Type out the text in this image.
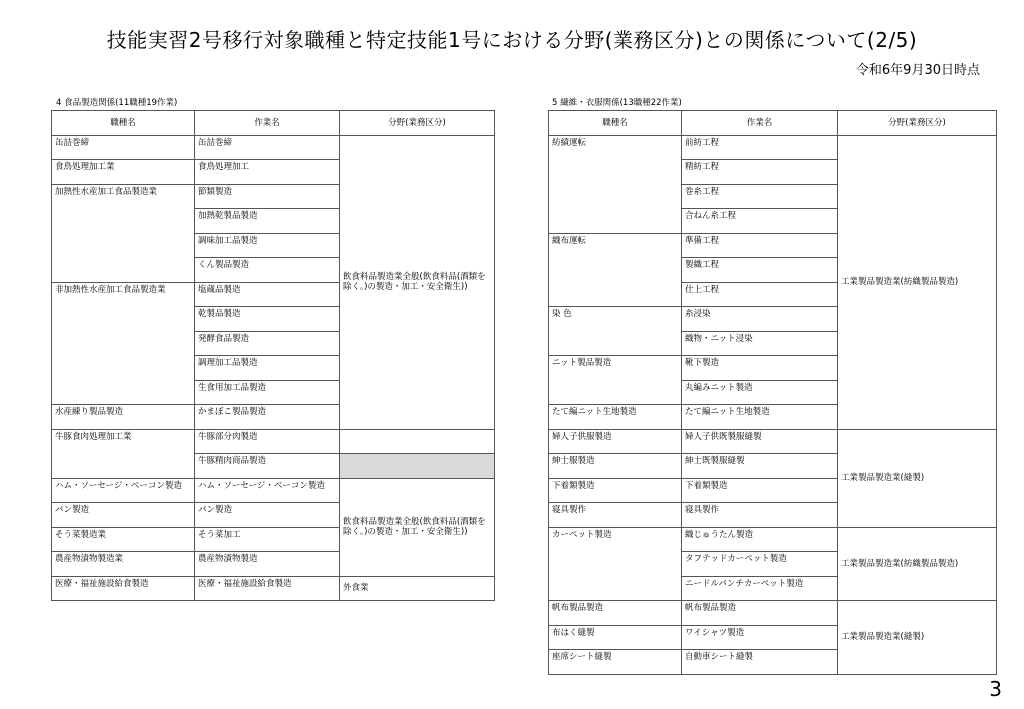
技能実習2号移行対象職種と特定技能1号における分野(業務区分)との関係について(2/5)
令和6年9月30日時点
4 食品製造関係(11職種19作業)
職種名	作業名	分野(業務区分)
缶詰巻締	缶詰巻締	飲食料品製造業全般(飲食料品(酒類を除く。)の製造・加工・安全衛生))
食鳥処理加工業	食鳥処理加工	
加熱性水産加工食品製造業	節類製造	
	加熱乾製品製造	
	調味加工品製造	
	くん製品製造	
非加熱性水産加工食品製造業	塩蔵品製造	
	乾製品製造	
	発酵食品製造	
	調理加工品製造	
	生食用加工品製造	
水産練り製品製造	かまぼこ製品製造	
牛豚食肉処理加工業	牛豚部分肉製造	
	牛豚精肉商品製造	
ハム・ソーセージ・ベーコン製造	ハム・ソーセージ・ベーコン製造	飲食料品製造業全般(飲食料品(酒類を除く。)の製造・加工・安全衛生))
パン製造	パン製造	
そう菜製造業	そう菜加工	
農産物漬物製造業	農産物漬物製造	
医療・福祉施設給食製造	医療・福祉施設給食製造	外食業
5 繊維・衣服関係(13職種22作業)
職種名	作業名	分野(業務区分)
紡績運転	前紡工程	工業製品製造業(紡織製品製造)
	精紡工程	
	巻糸工程	
	合ねん糸工程	
織布運転	準備工程	
	製織工程	
	仕上工程	
染 色	糸浸染	
	織物・ニット浸染	
ニット製品製造	靴下製造	
	丸編みニット製造	
たて編ニット生地製造	たて編ニット生地製造	
婦人子供服製造	婦人子供既製服縫製	工業製品製造業(縫製)
紳士服製造	紳士既製服縫製	
下着類製造	下着類製造	
寝具製作	寝具製作	
カーペット製造	織じゅうたん製造	工業製品製造業(紡織製品製造)
	タフテッドカーペット製造	
	ニードルパンチカーペット製造	
帆布製品製造	帆布製品製造	工業製品製造業(縫製)
布はく縫製	ワイシャツ製造	
座席シート縫製	自動車シート縫製	
3
